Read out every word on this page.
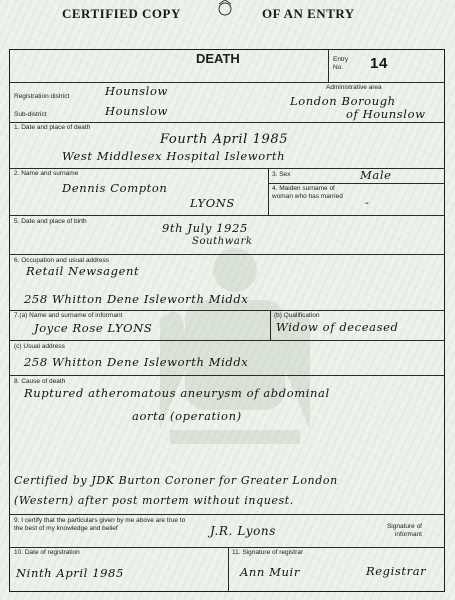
CERTIFIED COPY	OF AN ENTRY
DEATH	Entry No.	14
Registration district	Hounslow	Administrative area
London Borough
Sub-district	Hounslow	of Hounslow
1. Date and place of death
Fourth April 1985
West Middlesex Hospital Isleworth
2. Name and surname
Dennis Compton
LYONS
3. Sex	Male
4. Maiden surname of woman who has married	-
5. Date and place of birth	9th July 1925
Southwark
6. Occupation and usual address
Retail Newsagent
258 Whitton Dene Isleworth Middx
7.(a) Name and surname of informant
Joyce Rose LYONS
(b) Qualification
Widow of deceased
(c) Usual address
258 Whitton Dene Isleworth Middx
8. Cause of death
Ruptured atheromatous aneurysm of abdominal
aorta (operation)
Certified by JDK Burton Coroner for Greater London
(Western) after post mortem without inquest.
9. I certify that the particulars given by me above are true to the best of my knowledge and belief	J.R. Lyons	Signature of informant
10. Date of registration
Ninth April 1985
11. Signature of registrar
Ann Muir	Registrar
